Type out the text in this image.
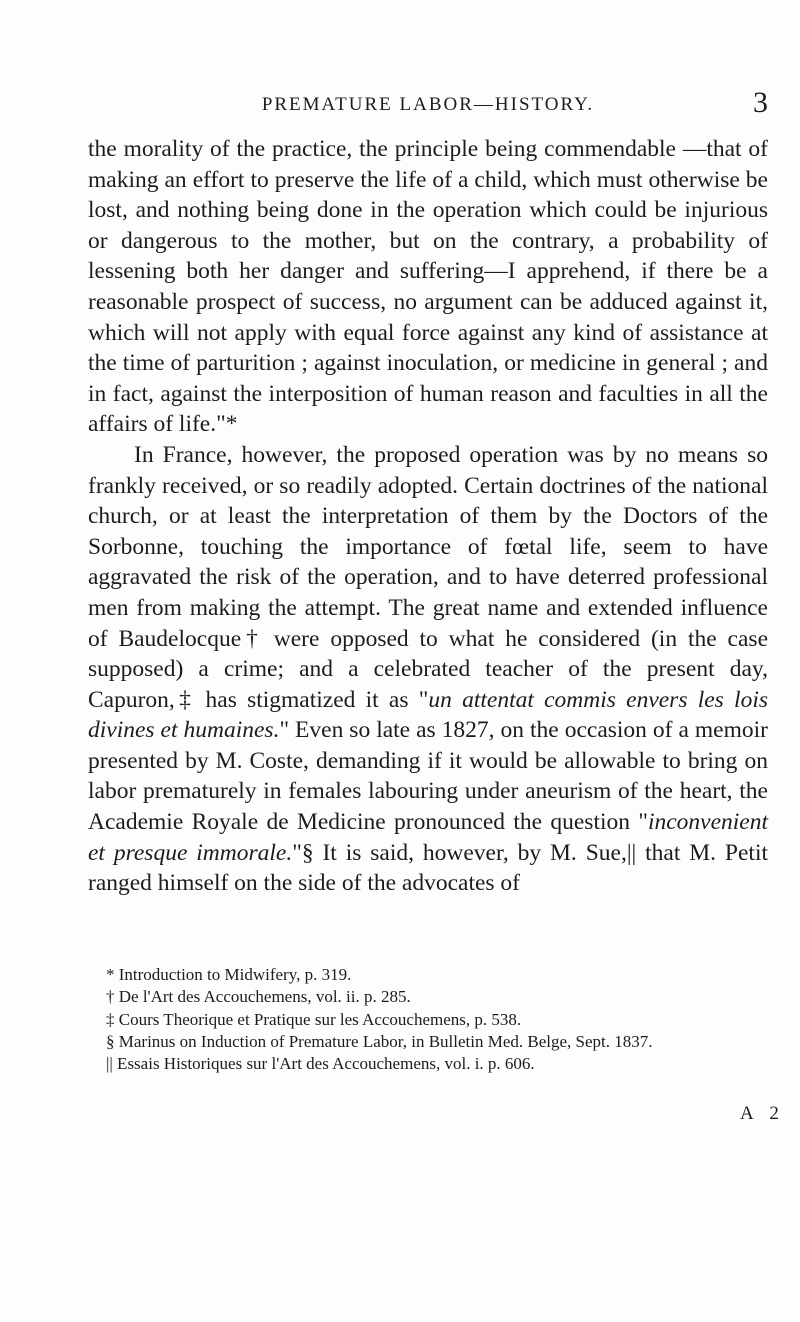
PREMATURE LABOR—HISTORY.	3

the morality of the practice, the principle being commendable —that of making an effort to preserve the life of a child, which must otherwise be lost, and nothing being done in the operation which could be injurious or dangerous to the mother, but on the contrary, a probability of lessening both her danger and suffering—I apprehend, if there be a reasonable prospect of success, no argument can be adduced against it, which will not apply with equal force against any kind of assistance at the time of parturition ; against inoculation, or medicine in general ; and in fact, against the interposition of human reason and faculties in all the affairs of life."*

In France, however, the proposed operation was by no means so frankly received, or so readily adopted. Certain doctrines of the national church, or at least the interpretation of them by the Doctors of the Sorbonne, touching the importance of fœtal life, seem to have aggravated the risk of the operation, and to have deterred professional men from making the attempt. The great name and extended influence of Baudelocque† were opposed to what he considered (in the case supposed) a crime; and a celebrated teacher of the present day, Capuron,‡ has stigmatized it as "un attentat commis envers les lois divines et humaines." Even so late as 1827, on the occasion of a memoir presented by M. Coste, demanding if it would be allowable to bring on labor prematurely in females labouring under aneurism of the heart, the Academie Royale de Medicine pronounced the question "inconvenient et presque immorale."§ It is said, however, by M. Sue,|| that M. Petit ranged himself on the side of the advocates of

* Introduction to Midwifery, p. 319.

† De l'Art des Accouchemens, vol. ii. p. 285.

‡ Cours Theorique et Pratique sur les Accouchemens, p. 538.

§ Marinus on Induction of Premature Labor, in Bulletin Med. Belge, Sept. 1837.

|| Essais Historiques sur l'Art des Accouchemens, vol. i. p. 606.

A 2
